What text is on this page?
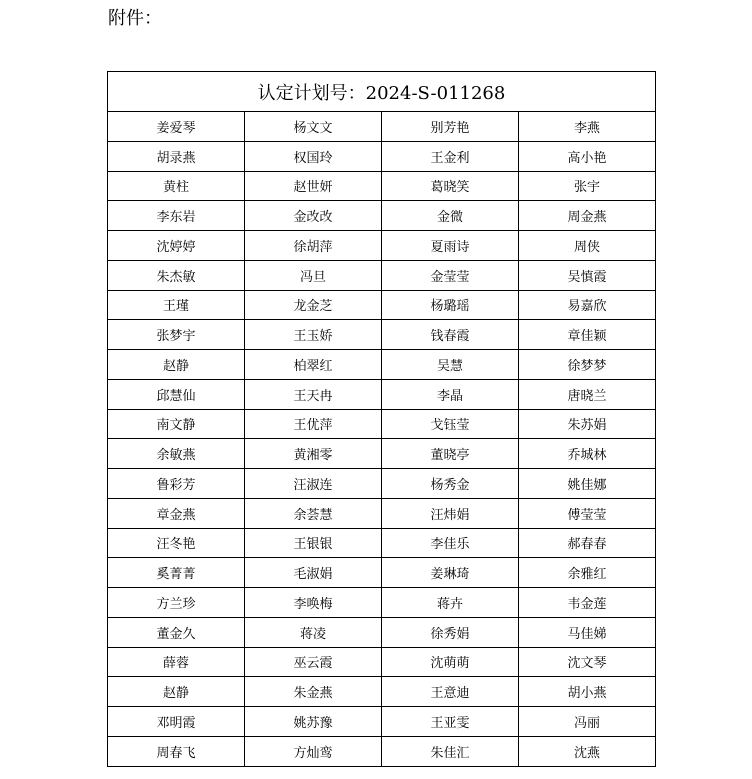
附件：
认定计划号：2024-S-011268			
姜爱琴	杨文文	别芳艳	李燕
胡录燕	权国玲	王金利	高小艳
黄柱	赵世妍	葛晓笑	张宇
李东岩	金改改	金微	周金燕
沈婷婷	徐胡萍	夏雨诗	周侠
朱杰敏	冯旦	金莹莹	吴慎霞
王瑾	龙金芝	杨璐瑶	易嘉欣
张梦宇	王玉娇	钱春霞	章佳颖
赵静	柏翠红	吴慧	徐梦梦
邱慧仙	王天冉	李晶	唐晓兰
南文静	王优萍	戈钰莹	朱苏娟
余敏燕	黄湘零	董晓亭	乔城林
鲁彩芳	汪淑连	杨秀金	姚佳娜
章金燕	余荟慧	汪炜娟	傅莹莹
汪冬艳	王银银	李佳乐	郝春春
奚菁菁	毛淑娟	姜琳琦	余雅红
方兰珍	李唤梅	蒋卉	韦金莲
董金久	蒋凌	徐秀娟	马佳娣
薛蓉	巫云霞	沈萌萌	沈文琴
赵静	朱金燕	王意迪	胡小燕
邓明霞	姚苏豫	王亚雯	冯丽
周春飞	方灿鸾	朱佳汇	沈燕
